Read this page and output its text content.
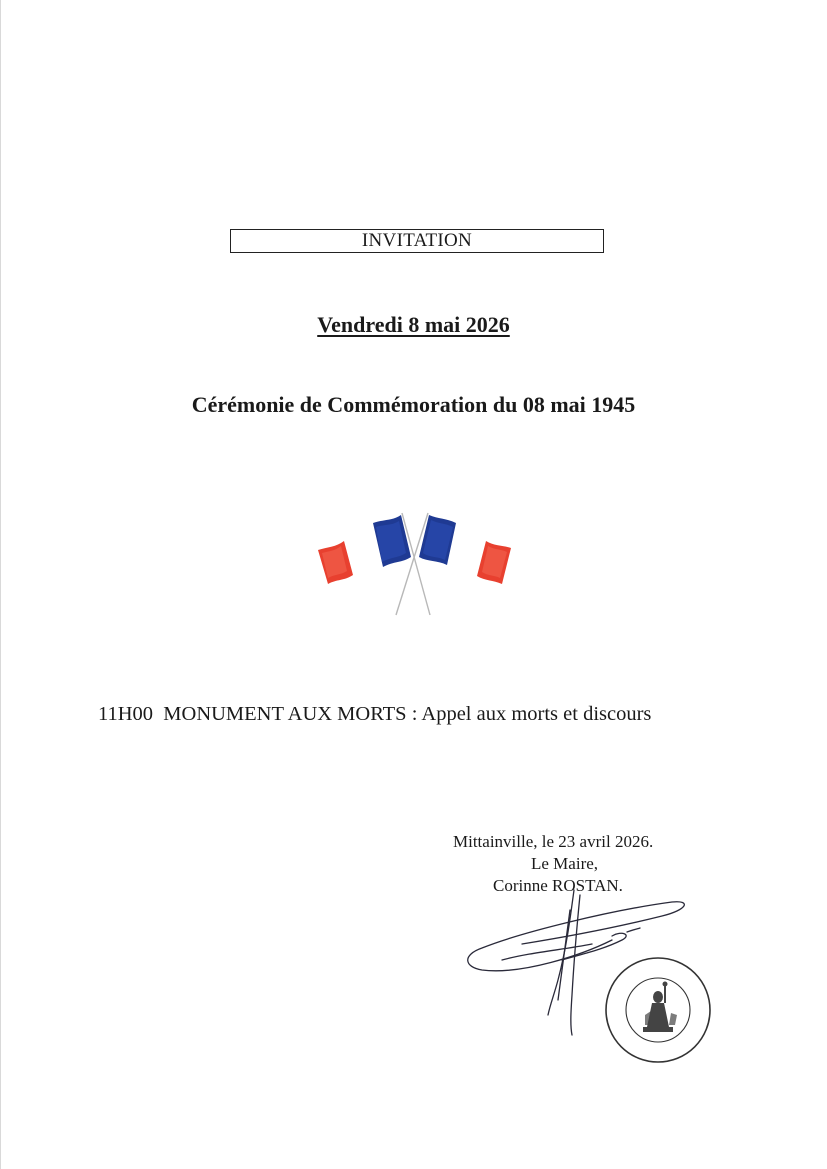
INVITATION
Vendredi 8 mai 2026
Cérémonie de Commémoration du 08 mai 1945
11H00  MONUMENT AUX MORTS : Appel aux morts et discours
Mittainville, le 23 avril 2026.
Le Maire,
Corinne ROSTAN.
